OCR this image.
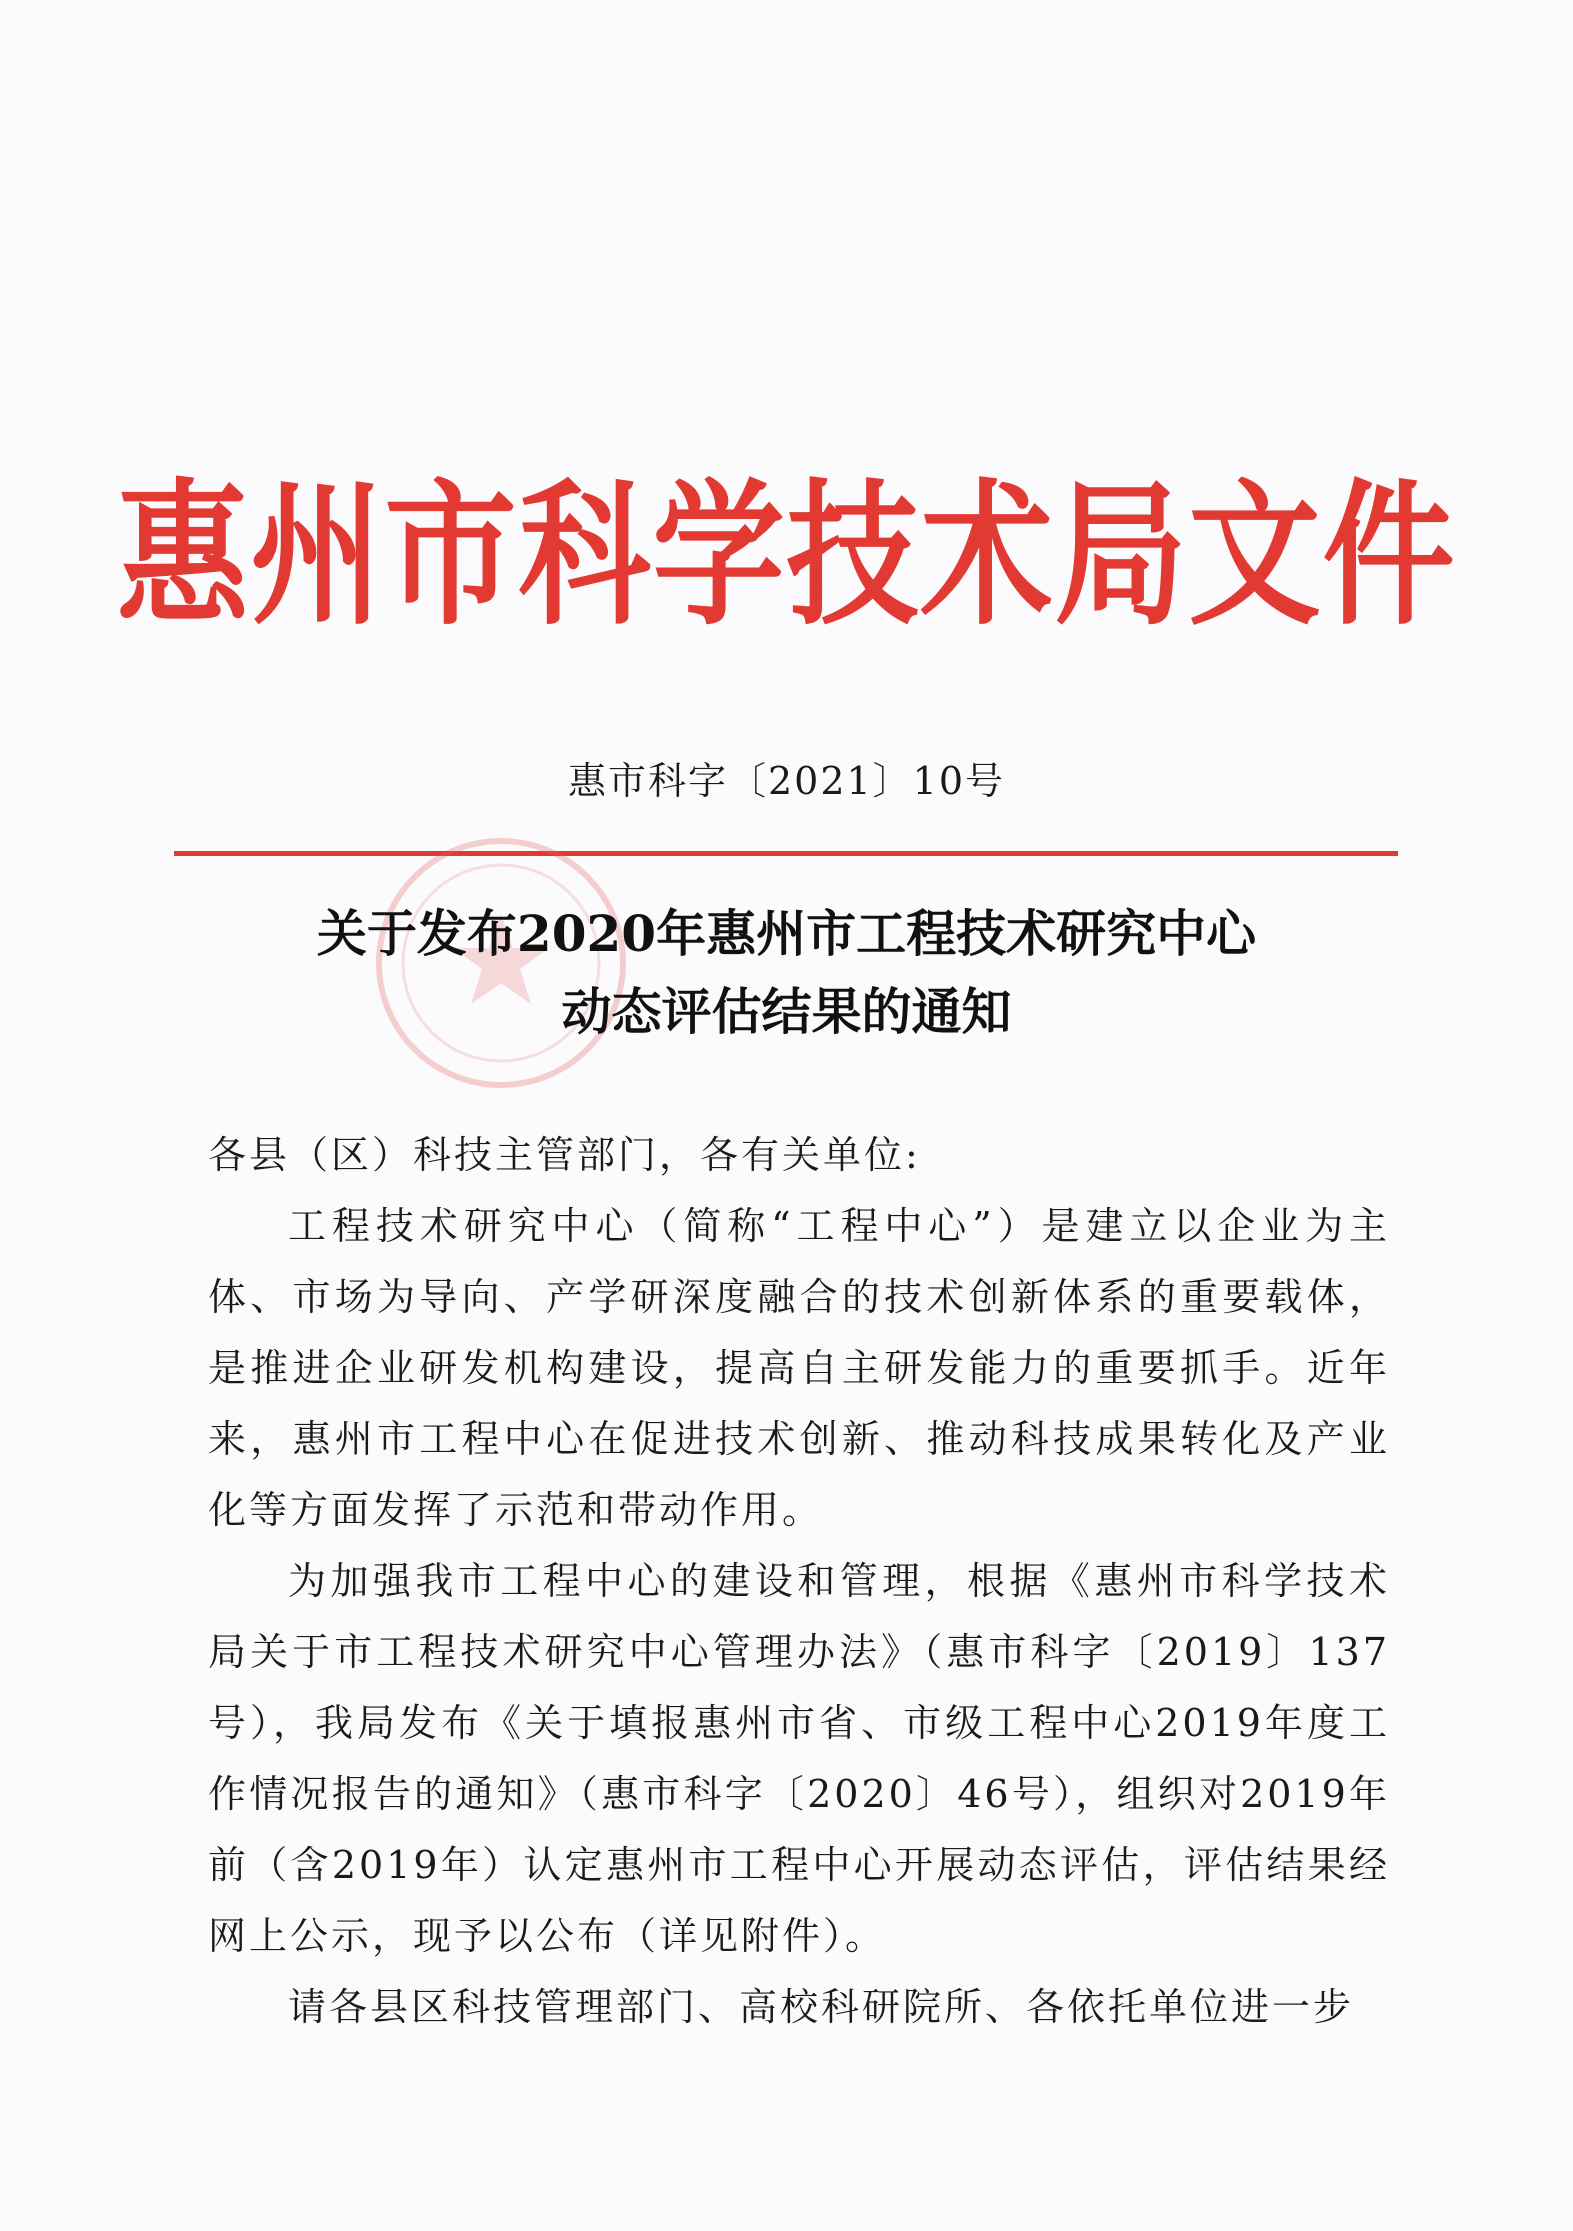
惠州市科学技术局文件
惠市科字〔2021〕10号
关于发布2020年惠州市工程技术研究中心
动态评估结果的通知

各县（区）科技主管部门，各有关单位:

工程技术研究中心（简称“工程中心”）是建立以企业为主体、市场为导向、产学研深度融合的技术创新体系的重要载体，是推进企业研发机构建设，提高自主研发能力的重要抓手。近年来，惠州市工程中心在促进技术创新、推动科技成果转化及产业化等方面发挥了示范和带动作用。

为加强我市工程中心的建设和管理，根据《惠州市科学技术局关于市工程技术研究中心管理办法》（惠市科字〔2019〕137号），我局发布《关于填报惠州市省、市级工程中心2019年度工作情况报告的通知》（惠市科字〔2020〕46号），组织对2019年前（含2019年）认定惠州市工程中心开展动态评估，评估结果经网上公示，现予以公布（详见附件）。

请各县区科技管理部门、高校科研院所、各依托单位进一步
